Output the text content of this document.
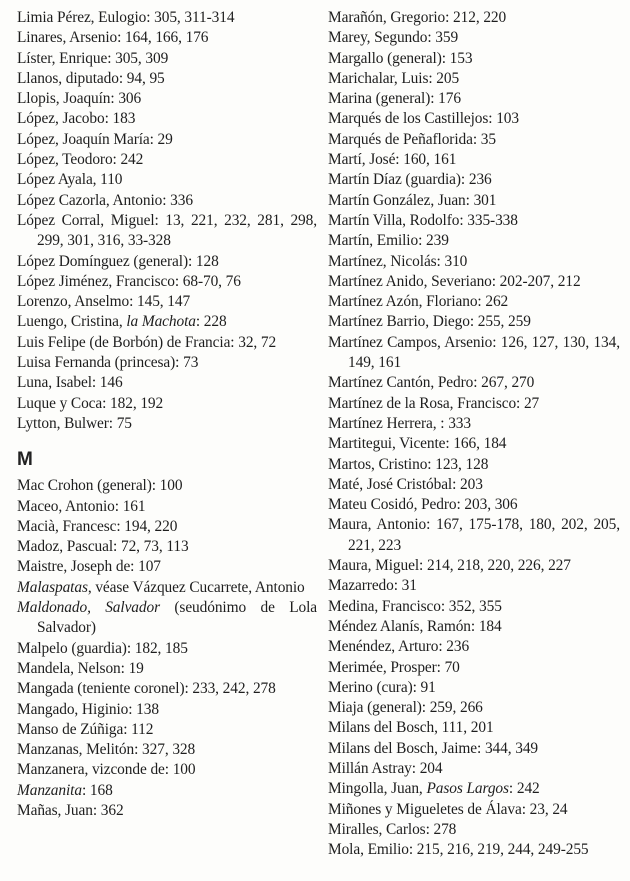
Limia Pérez, Eulogio: 305, 311-314
Linares, Arsenio: 164, 166, 176
Líster, Enrique: 305, 309
Llanos, diputado: 94, 95
Llopis, Joaquín: 306
López, Jacobo: 183
López, Joaquín María: 29
López, Teodoro: 242
López Ayala, 110
López Cazorla, Antonio: 336
López Corral, Miguel: 13, 221, 232, 281, 298, 299, 301, 316, 33-328
López Domínguez (general): 128
López Jiménez, Francisco: 68-70, 76
Lorenzo, Anselmo: 145, 147
Luengo, Cristina, la Machota: 228
Luis Felipe (de Borbón) de Francia: 32, 72
Luisa Fernanda (princesa): 73
Luna, Isabel: 146
Luque y Coca: 182, 192
Lytton, Bulwer: 75
M
Mac Crohon (general): 100
Maceo, Antonio: 161
Macià, Francesc: 194, 220
Madoz, Pascual: 72, 73, 113
Maistre, Joseph de: 107
Malaspatas, véase Vázquez Cucarrete, Antonio
Maldonado, Salvador (seudónimo de Lola Salvador)
Malpelo (guardia): 182, 185
Mandela, Nelson: 19
Mangada (teniente coronel): 233, 242, 278
Mangado, Higinio: 138
Manso de Zúñiga: 112
Manzanas, Melitón: 327, 328
Manzanera, vizconde de: 100
Manzanita: 168
Mañas, Juan: 362
Marañón, Gregorio: 212, 220
Marey, Segundo: 359
Margallo (general): 153
Marichalar, Luis: 205
Marina (general): 176
Marqués de los Castillejos: 103
Marqués de Peñaflorida: 35
Martí, José: 160, 161
Martín Díaz (guardia): 236
Martín González, Juan: 301
Martín Villa, Rodolfo: 335-338
Martín, Emilio: 239
Martínez, Nicolás: 310
Martínez Anido, Severiano: 202-207, 212
Martínez Azón, Floriano: 262
Martínez Barrio, Diego: 255, 259
Martínez Campos, Arsenio: 126, 127, 130, 134, 149, 161
Martínez Cantón, Pedro: 267, 270
Martínez de la Rosa, Francisco: 27
Martínez Herrera, : 333
Martitegui, Vicente: 166, 184
Martos, Cristino: 123, 128
Maté, José Cristóbal: 203
Mateu Cosidó, Pedro: 203, 306
Maura, Antonio: 167, 175-178, 180, 202, 205, 221, 223
Maura, Miguel: 214, 218, 220, 226, 227
Mazarredo: 31
Medina, Francisco: 352, 355
Méndez Alanís, Ramón: 184
Menéndez, Arturo: 236
Merimée, Prosper: 70
Merino (cura): 91
Miaja (general): 259, 266
Milans del Bosch, 111, 201
Milans del Bosch, Jaime: 344, 349
Millán Astray: 204
Mingolla, Juan, Pasos Largos: 242
Miñones y Migueletes de Álava: 23, 24
Miralles, Carlos: 278
Mola, Emilio: 215, 216, 219, 244, 249-255
